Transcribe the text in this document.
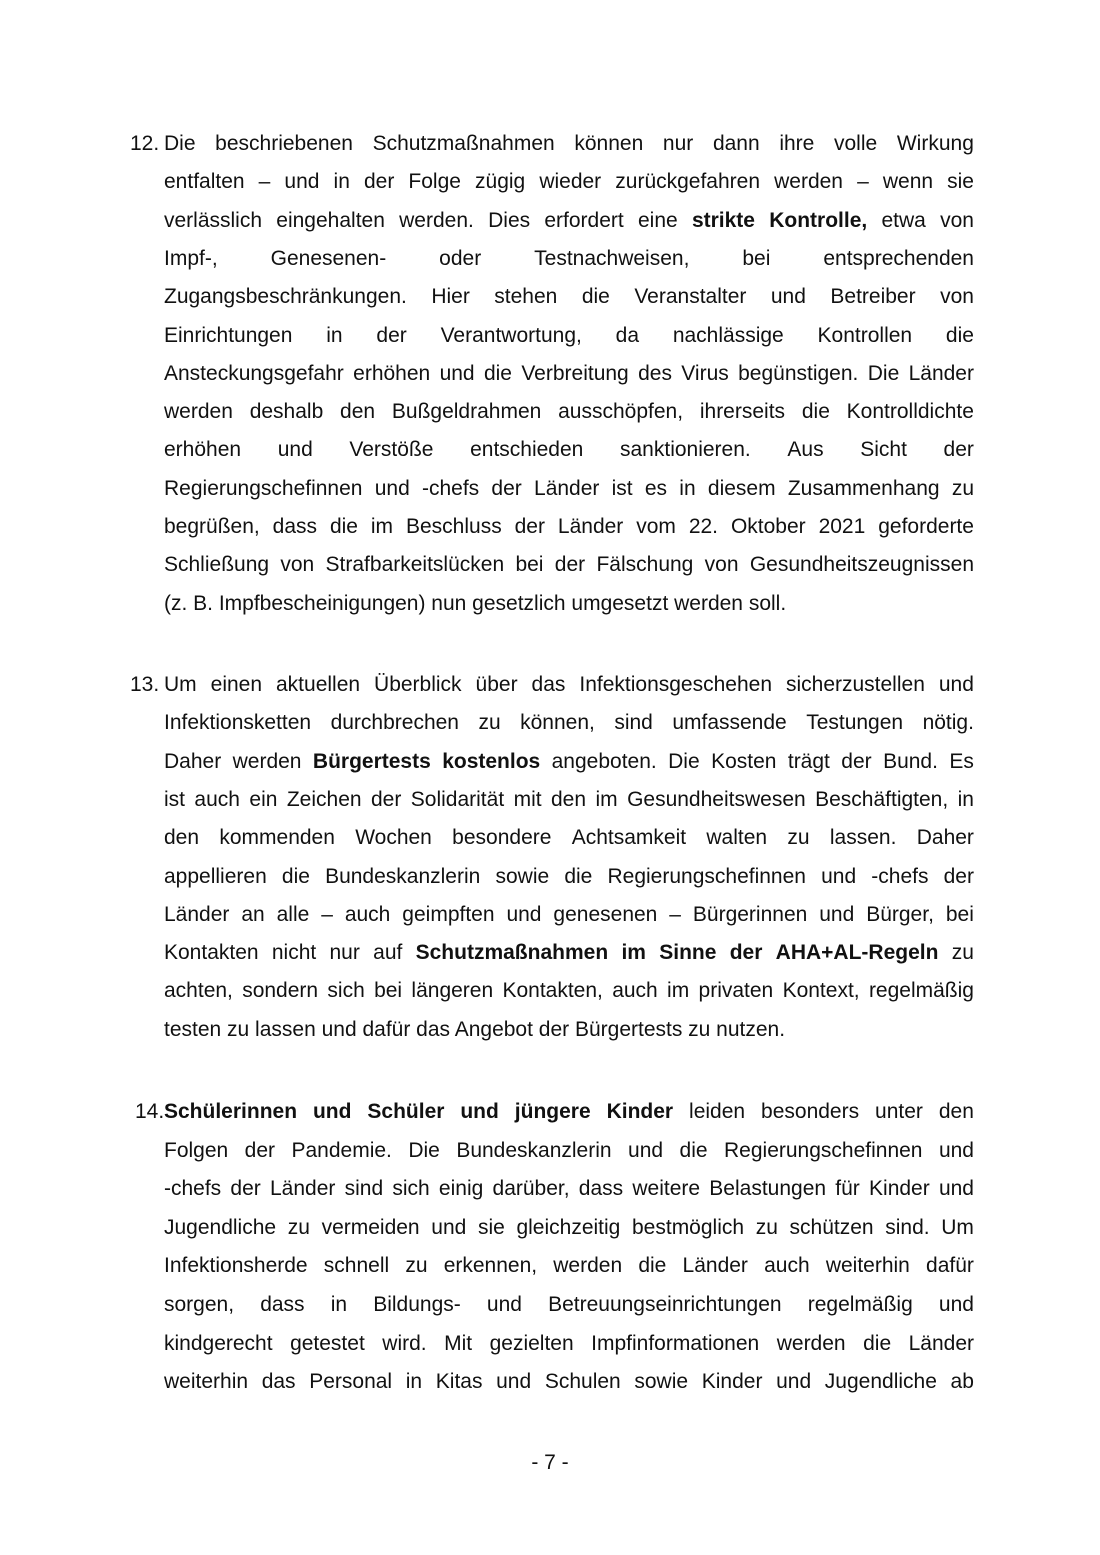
12. Die beschriebenen Schutzmaßnahmen können nur dann ihre volle Wirkung
entfalten – und in der Folge zügig wieder zurückgefahren werden – wenn sie
verlässlich eingehalten werden. Dies erfordert eine strikte Kontrolle, etwa von
Impf-,	Genesenen-	oder	Testnachweisen,	bei	entsprechenden
Zugangsbeschränkungen. Hier stehen die Veranstalter und Betreiber von
Einrichtungen in der Verantwortung, da nachlässige Kontrollen die
Ansteckungsgefahr erhöhen und die Verbreitung des Virus begünstigen. Die Länder
werden deshalb den Bußgeldrahmen ausschöpfen, ihrerseits die Kontrolldichte
erhöhen und Verstöße entschieden sanktionieren. Aus Sicht der
Regierungschefinnen und -chefs der Länder ist es in diesem Zusammenhang zu
begrüßen, dass die im Beschluss der Länder vom 22. Oktober 2021 geforderte
Schließung von Strafbarkeitslücken bei der Fälschung von Gesundheitszeugnissen
(z. B. Impfbescheinigungen) nun gesetzlich umgesetzt werden soll.
13. Um einen aktuellen Überblick über das Infektionsgeschehen sicherzustellen und
Infektionsketten durchbrechen zu können, sind umfassende Testungen nötig.
Daher werden Bürgertests kostenlos angeboten. Die Kosten trägt der Bund. Es
ist auch ein Zeichen der Solidarität mit den im Gesundheitswesen Beschäftigten, in
den kommenden Wochen besondere Achtsamkeit walten zu lassen. Daher
appellieren die Bundeskanzlerin sowie die Regierungschefinnen und -chefs der
Länder an alle – auch geimpften und genesenen – Bürgerinnen und Bürger, bei
Kontakten nicht nur auf Schutzmaßnahmen im Sinne der AHA+AL-Regeln zu
achten, sondern sich bei längeren Kontakten, auch im privaten Kontext, regelmäßig
testen zu lassen und dafür das Angebot der Bürgertests zu nutzen.
14. Schülerinnen und Schüler und jüngere Kinder leiden besonders unter den
Folgen der Pandemie. Die Bundeskanzlerin und die Regierungschefinnen und
-chefs der Länder sind sich einig darüber, dass weitere Belastungen für Kinder und
Jugendliche zu vermeiden und sie gleichzeitig bestmöglich zu schützen sind. Um
Infektionsherde schnell zu erkennen, werden die Länder auch weiterhin dafür
sorgen, dass in Bildungs- und Betreuungseinrichtungen regelmäßig und
kindgerecht getestet wird. Mit gezielten Impfinformationen werden die Länder
weiterhin das Personal in Kitas und Schulen sowie Kinder und Jugendliche ab
- 7 -
